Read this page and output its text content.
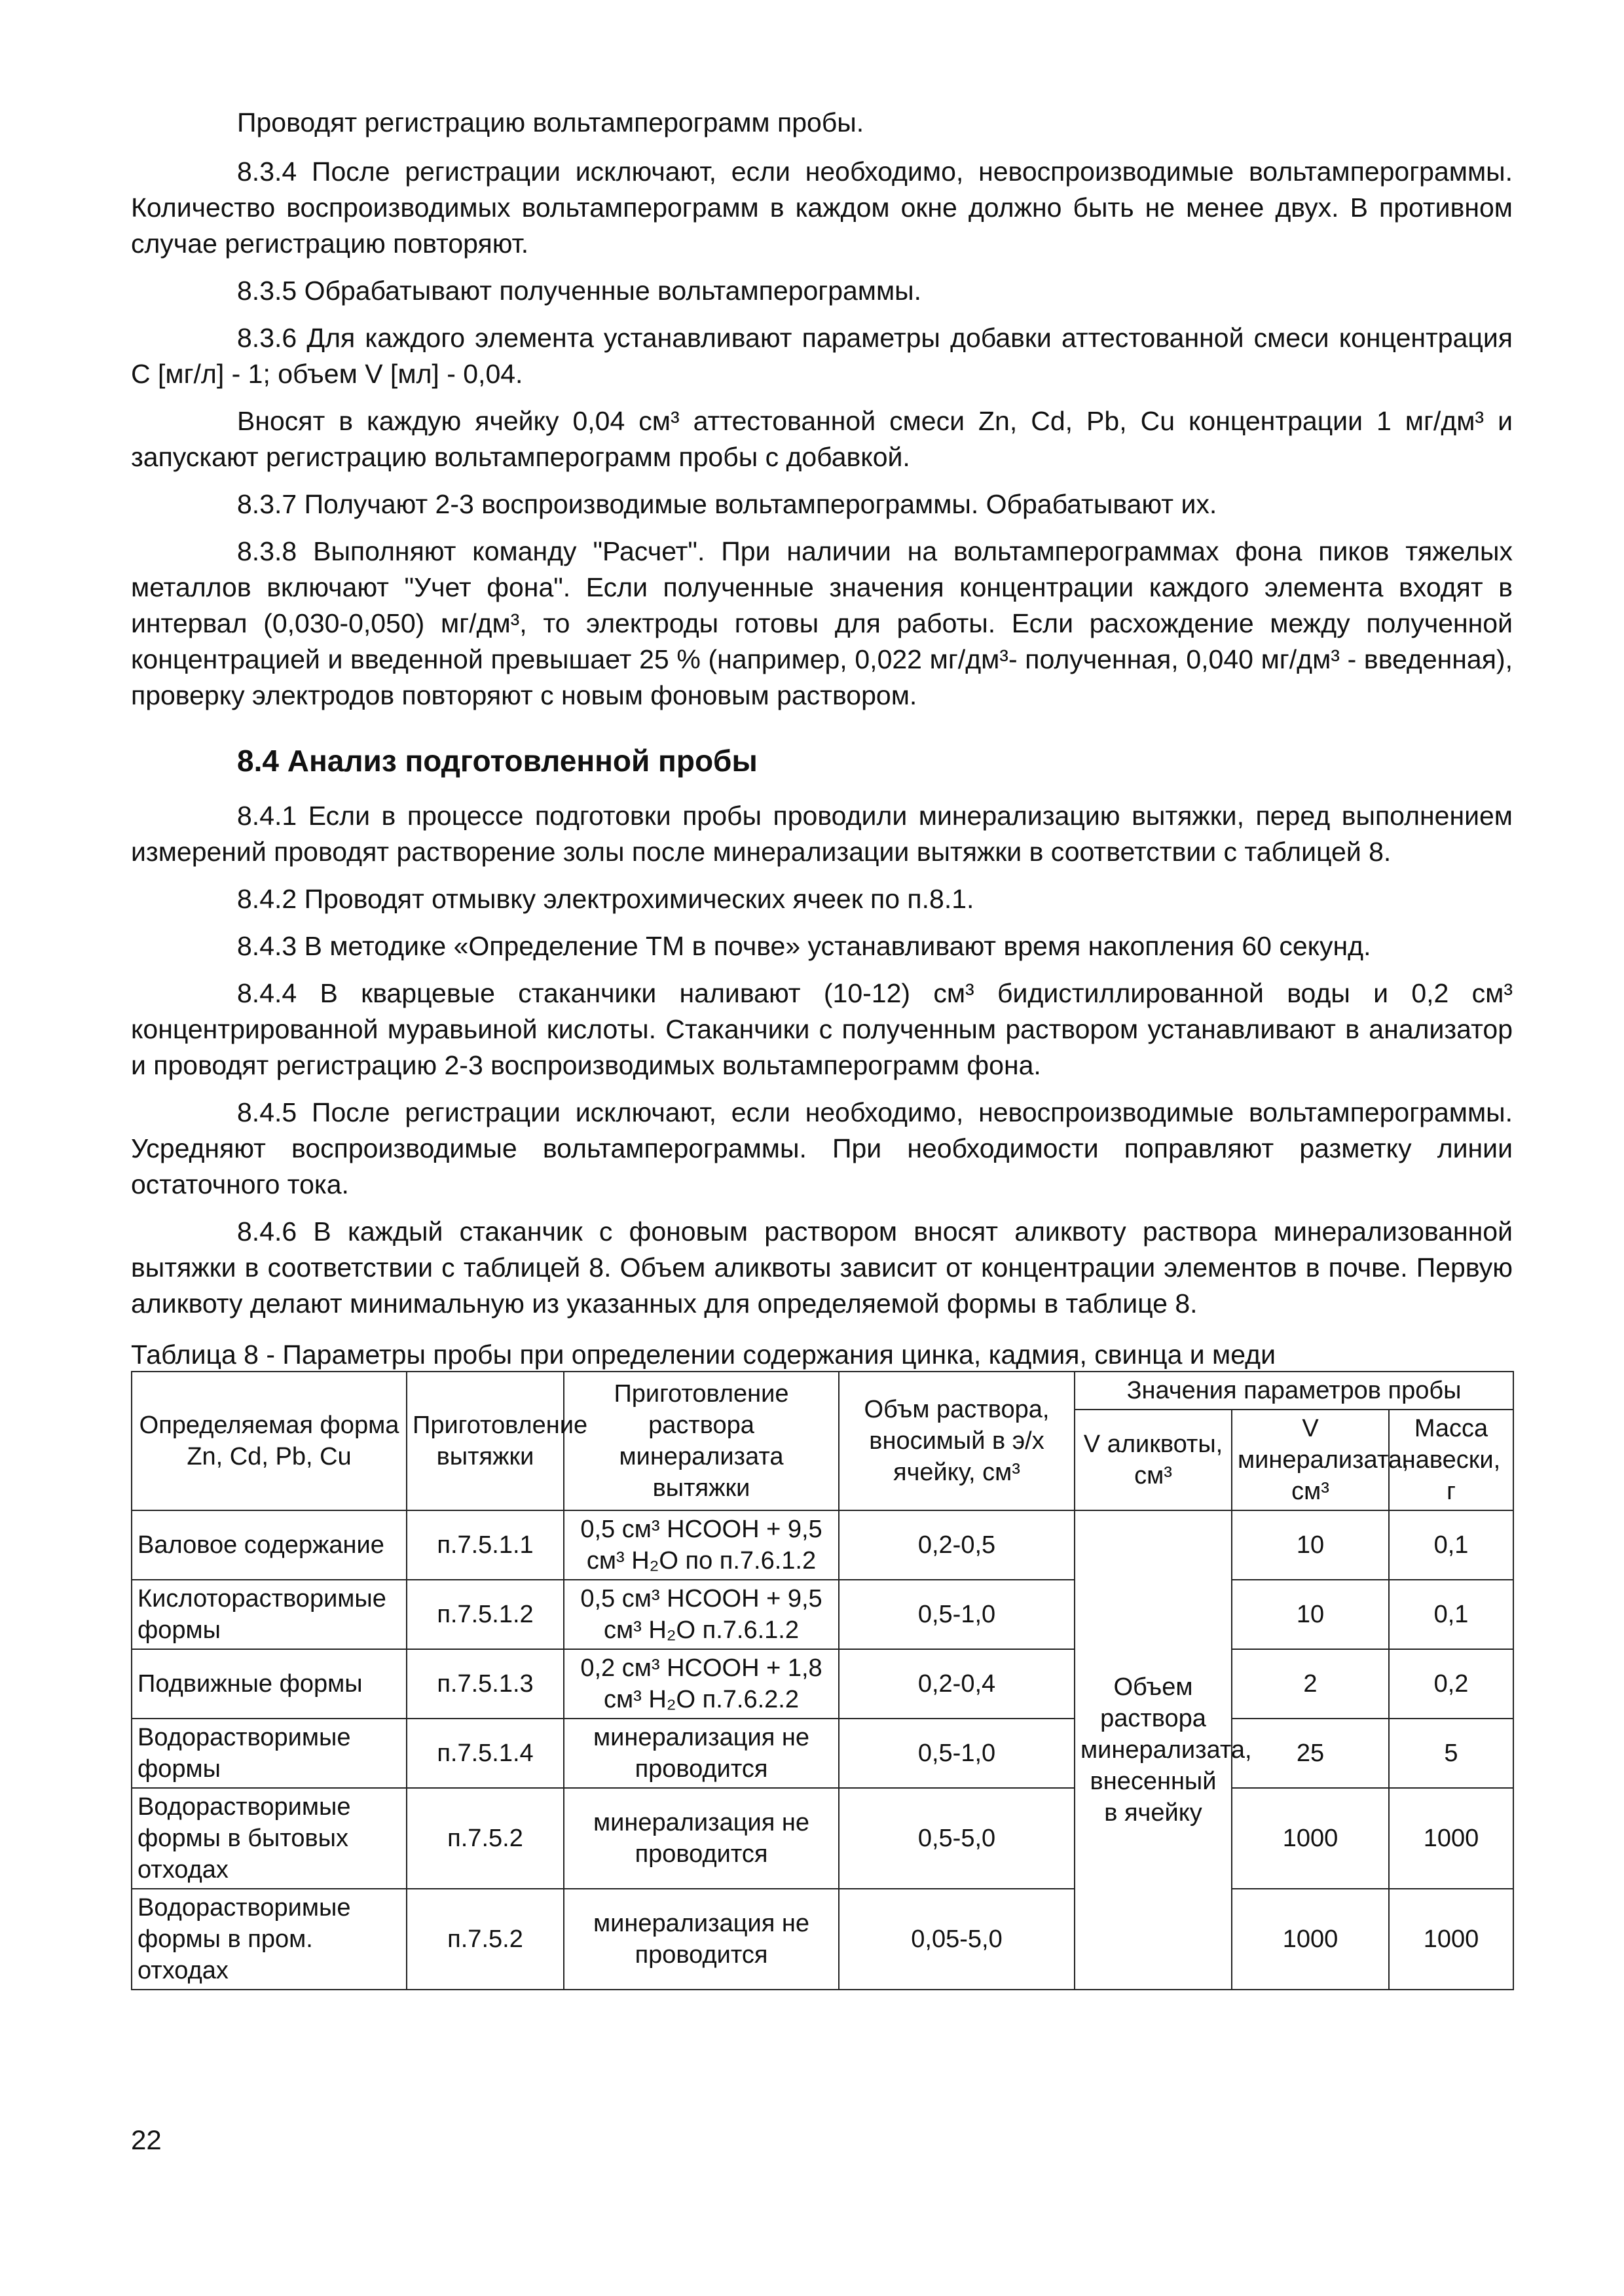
Проводят регистрацию вольтамперограмм пробы.

8.3.4 После регистрации исключают, если необходимо, невоспроизводимые вольтамперограммы. Количество воспроизводимых вольтамперограмм в каждом окне должно быть не менее двух. В противном случае регистрацию повторяют.

8.3.5 Обрабатывают полученные вольтамперограммы.

8.3.6 Для каждого элемента устанавливают параметры добавки аттестованной смеси концентрация С [мг/л] - 1; объем V [мл] - 0,04.

Вносят в каждую ячейку 0,04 см³ аттестованной смеси Zn, Cd, Pb, Cu концентрации 1 мг/дм³ и запускают регистрацию вольтамперограмм пробы с добавкой.

8.3.7 Получают 2-3 воспроизводимые вольтамперограммы. Обрабатывают их.

8.3.8 Выполняют команду "Расчет". При наличии на вольтамперограммах фона пиков тяжелых металлов включают "Учет фона". Если полученные значения концентрации каждого элемента входят в интервал (0,030-0,050) мг/дм³, то электроды готовы для работы. Если расхождение между полученной концентрацией и введенной превышает 25 % (например, 0,022 мг/дм³- полученная, 0,040 мг/дм³ - введенная), проверку электродов повторяют с новым фоновым раствором.

8.4 Анализ подготовленной пробы

8.4.1 Если в процессе подготовки пробы проводили минерализацию вытяжки, перед выполнением измерений проводят растворение золы после минерализации вытяжки в соответствии с таблицей 8.

8.4.2 Проводят отмывку электрохимических ячеек по п.8.1.

8.4.3 В методике «Определение ТМ в почве» устанавливают время накопления 60 секунд.

8.4.4 В кварцевые стаканчики наливают (10-12) см³ бидистиллированной воды и 0,2 см³ концентрированной муравьиной кислоты. Стаканчики с полученным раствором устанавливают в анализатор и проводят регистрацию 2-3 воспроизводимых вольтамперограмм фона.

8.4.5 После регистрации исключают, если необходимо, невоспроизводимые вольтамперограммы. Усредняют воспроизводимые вольтамперограммы. При необходимости поправляют разметку линии остаточного тока.

8.4.6 В каждый стаканчик с фоновым раствором вносят аликвоту раствора минерализованной вытяжки в соответствии с таблицей 8. Объем аликвоты зависит от концентрации элементов в почве. Первую аликвоту делают минимальную из указанных для определяемой формы в таблице 8.

Таблица 8 - Параметры пробы при определении содержания цинка, кадмия, свинца и меди
Определяемая форма Zn, Cd, Pb, Cu	Приготовление вытяжки	Приготовление раствора минерализата вытяжки	Объм раствора, вносимый в э/х ячейку, см³	Значения параметров пробы		
				V аликвоты, см³	V минерализата, см³	Масса навески, г
Валовое содержание	п.7.5.1.1	0,5 см³ HCOOH + 9,5 см³ H₂O по п.7.6.1.2	0,2-0,5	Объем раствора минерализата, внесенный в ячейку	10	0,1
Кислоторастворимые формы	п.7.5.1.2	0,5 см³ HCOOH + 9,5 см³ H₂O п.7.6.1.2	0,5-1,0		10	0,1
Подвижные формы	п.7.5.1.3	0,2 см³ HCOOH + 1,8 см³ H₂O п.7.6.2.2	0,2-0,4		2	0,2
Водорастворимые формы	п.7.5.1.4	минерализация не проводится	0,5-1,0		25	5
Водорастворимые формы в бытовых отходах	п.7.5.2	минерализация не проводится	0,5-5,0		1000	1000
Водорастворимые формы в пром. отходах	п.7.5.2	минерализация не проводится	0,05-5,0		1000	1000
22
